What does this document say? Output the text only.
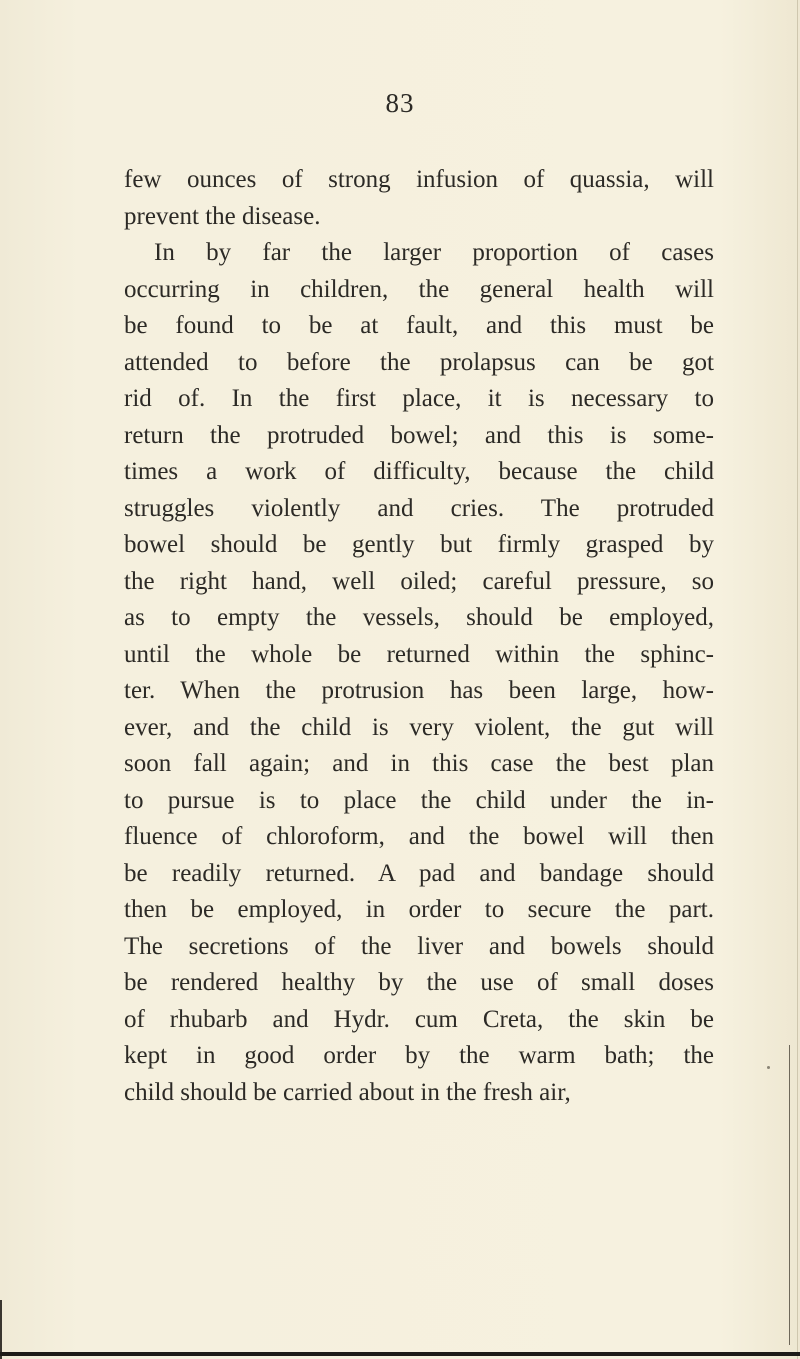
83
few ounces of strong infusion of quassia, will
prevent the disease.
In by far the larger proportion of cases
occurring in children, the general health will
be found to be at fault, and this must be
attended to before the prolapsus can be got
rid of. In the first place, it is necessary to
return the protruded bowel; and this is some-
times a work of difficulty, because the child
struggles violently and cries. The protruded
bowel should be gently but firmly grasped by
the right hand, well oiled; careful pressure, so
as to empty the vessels, should be employed,
until the whole be returned within the sphinc-
ter. When the protrusion has been large, how-
ever, and the child is very violent, the gut will
soon fall again; and in this case the best plan
to pursue is to place the child under the in-
fluence of chloroform, and the bowel will then
be readily returned. A pad and bandage should
then be employed, in order to secure the part.
The secretions of the liver and bowels should
be rendered healthy by the use of small doses
of rhubarb and Hydr. cum Creta, the skin be
kept in good order by the warm bath; the
child should be carried about in the fresh air,
